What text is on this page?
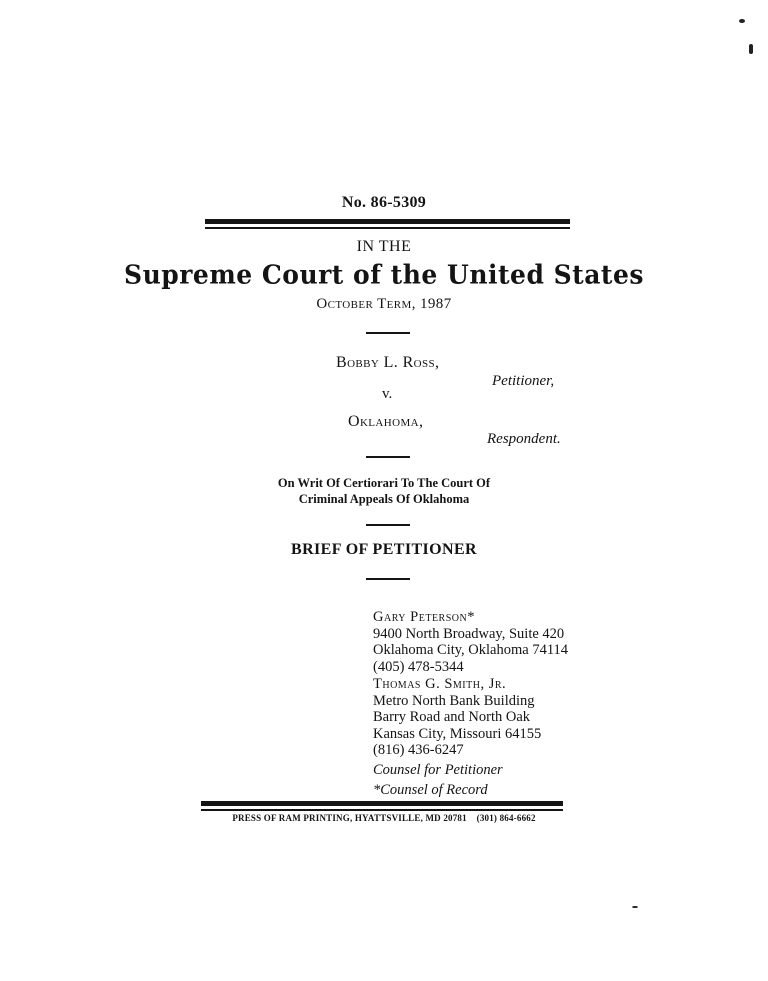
No. 86-5309
IN THE
Supreme Court of the United States
October Term, 1987
Bobby L. Ross,
Petitioner,
v.
Oklahoma,
Respondent.
On Writ Of Certiorari To The Court Of
Criminal Appeals Of Oklahoma
BRIEF OF PETITIONER
Gary Peterson*
9400 North Broadway, Suite 420
Oklahoma City, Oklahoma 74114
(405) 478-5344
Thomas G. Smith, Jr.
Metro North Bank Building
Barry Road and North Oak
Kansas City, Missouri 64155
(816) 436-6247
Counsel for Petitioner
*Counsel of Record
PRESS OF RAM PRINTING, HYATTSVILLE, MD 20781    (301) 864-6662
